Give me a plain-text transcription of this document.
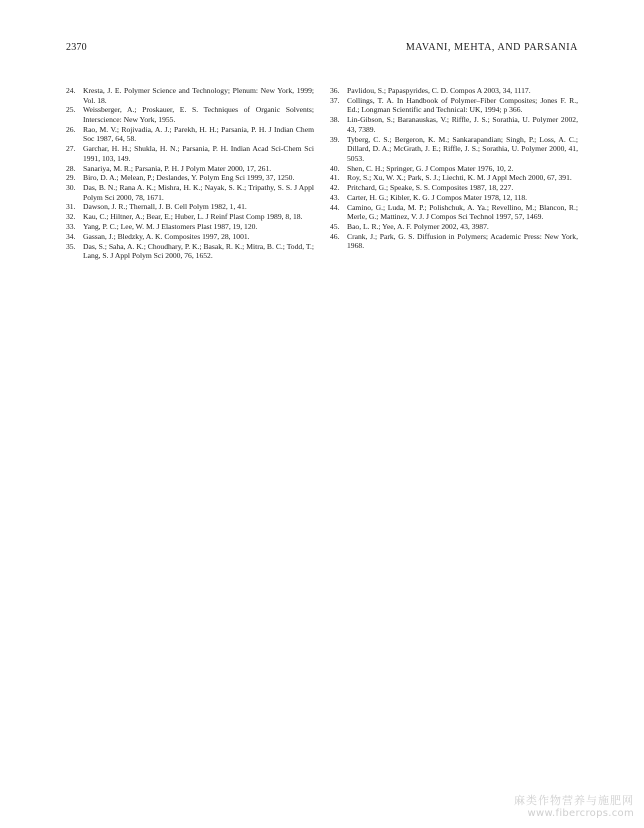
2370	MAVANI, MEHTA, AND PARSANIA
24. Kresta, J. E. Polymer Science and Technology; Plenum: New York, 1999; Vol. 18.
25. Weissberger, A.; Proskauer, E. S. Techniques of Organic Solvents; Interscience: New York, 1955.
26. Rao, M. V.; Rojivadia, A. J.; Parekh, H. H.; Parsania, P. H. J Indian Chem Soc 1987, 64, 58.
27. Garchar, H. H.; Shukla, H. N.; Parsania, P. H. Indian Acad Sci-Chem Sci 1991, 103, 149.
28. Sanariya, M. R.; Parsania, P. H. J Polym Mater 2000, 17, 261.
29. Biro, D. A.; Melean, P.; Deslandes, Y. Polym Eng Sci 1999, 37, 1250.
30. Das, B. N.; Rana A. K.; Mishra, H. K.; Nayak, S. K.; Tripathy, S. S. J Appl Polym Sci 2000, 78, 1671.
31. Dawson, J. R.; Thernall, J. B. Cell Polym 1982, 1, 41.
32. Kau, C.; Hiltner, A.; Bear, E.; Huber, L. J Reinf Plast Comp 1989, 8, 18.
33. Yang, P. C.; Lee, W. M. J Elastomers Plast 1987, 19, 120.
34. Gassan, J.; Bledzky, A. K. Composites 1997, 28, 1001.
35. Das, S.; Saha, A. K.; Choudhary, P. K.; Basak, R. K.; Mitra, B. C.; Todd, T.; Lang, S. J Appl Polym Sci 2000, 76, 1652.
36. Pavlidou, S.; Papaspyrides, C. D. Compos A 2003, 34, 1117.
37. Collings, T. A. In Handbook of Polymer–Fiber Composites; Jones F. R., Ed.; Longman Scientific and Technical: UK, 1994; p 366.
38. Lin-Gibson, S.; Baranauskas, V.; Riffle, J. S.; Sorathia, U. Polymer 2002, 43, 7389.
39. Tyberg, C. S.; Bergeron, K. M.; Sankarapandian; Singh, P.; Loss, A. C.; Dillard, D. A.; McGrath, J. E.; Riffle, J. S.; Sorathia, U. Polymer 2000, 41, 5053.
40. Shen, C. H.; Springer, G. J Compos Mater 1976, 10, 2.
41. Roy, S.; Xu, W. X.; Park, S. J.; Liechti, K. M. J Appl Mech 2000, 67, 391.
42. Pritchard, G.; Speake, S. S. Composites 1987, 18, 227.
43. Carter, H. G.; Kibler, K. G. J Compos Mater 1978, 12, 118.
44. Camino, G.; Luda, M. P.; Polishchuk, A. Ya.; Revellino, M.; Blancon, R.; Merle, G.; Mattinez, V. J. J Compos Sci Technol 1997, 57, 1469.
45. Bao, L. R.; Yee, A. F. Polymer 2002, 43, 3987.
46. Crank, J.; Park, G. S. Diffusion in Polymers; Academic Press: New York, 1968.
麻类作物营养与施肥网
www.fibercrops.com
